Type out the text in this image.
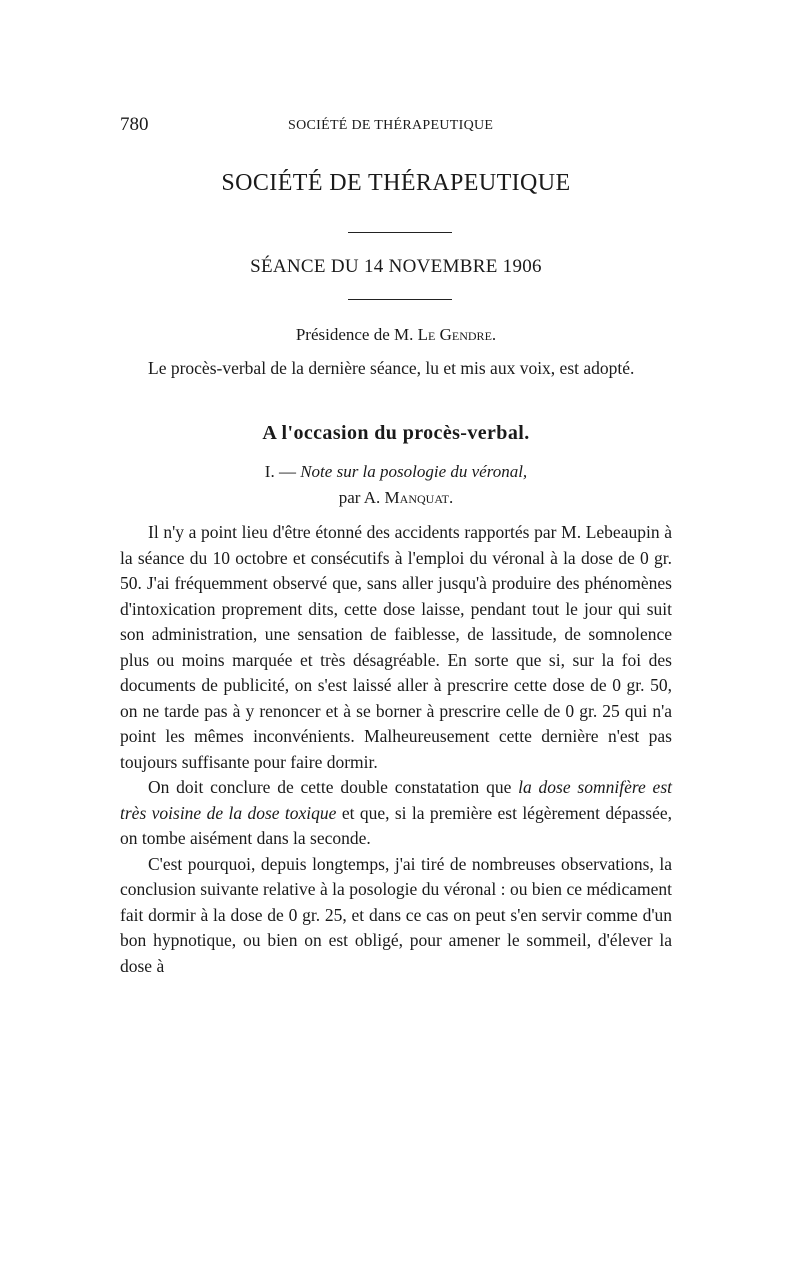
780	SOCIÉTÉ DE THÉRAPEUTIQUE
SOCIÉTÉ DE THÉRAPEUTIQUE
SÉANCE DU 14 NOVEMBRE 1906
Présidence de M. Le Gendre.

Le procès-verbal de la dernière séance, lu et mis aux voix, est adopté.

A l'occasion du procès-verbal.
I. — Note sur la posologie du véronal,
par A. Manquat.

Il n'y a point lieu d'être étonné des accidents rapportés par M. Lebeaupin à la séance du 10 octobre et consécutifs à l'emploi du véronal à la dose de 0 gr. 50. J'ai fréquemment observé que, sans aller jusqu'à produire des phénomènes d'intoxication proprement dits, cette dose laisse, pendant tout le jour qui suit son administration, une sensation de faiblesse, de lassitude, de somnolence plus ou moins marquée et très désagréable. En sorte que si, sur la foi des documents de publicité, on s'est laissé aller à prescrire cette dose de 0 gr. 50, on ne tarde pas à y renoncer et à se borner à prescrire celle de 0 gr. 25 qui n'a point les mêmes inconvénients. Malheureusement cette dernière n'est pas toujours suffisante pour faire dormir.

On doit conclure de cette double constatation que la dose somnifère est très voisine de la dose toxique et que, si la première est légèrement dépassée, on tombe aisément dans la seconde.

C'est pourquoi, depuis longtemps, j'ai tiré de nombreuses observations, la conclusion suivante relative à la posologie du véronal : ou bien ce médicament fait dormir à la dose de 0 gr. 25, et dans ce cas on peut s'en servir comme d'un bon hypnotique, ou bien on est obligé, pour amener le sommeil, d'élever la dose à
